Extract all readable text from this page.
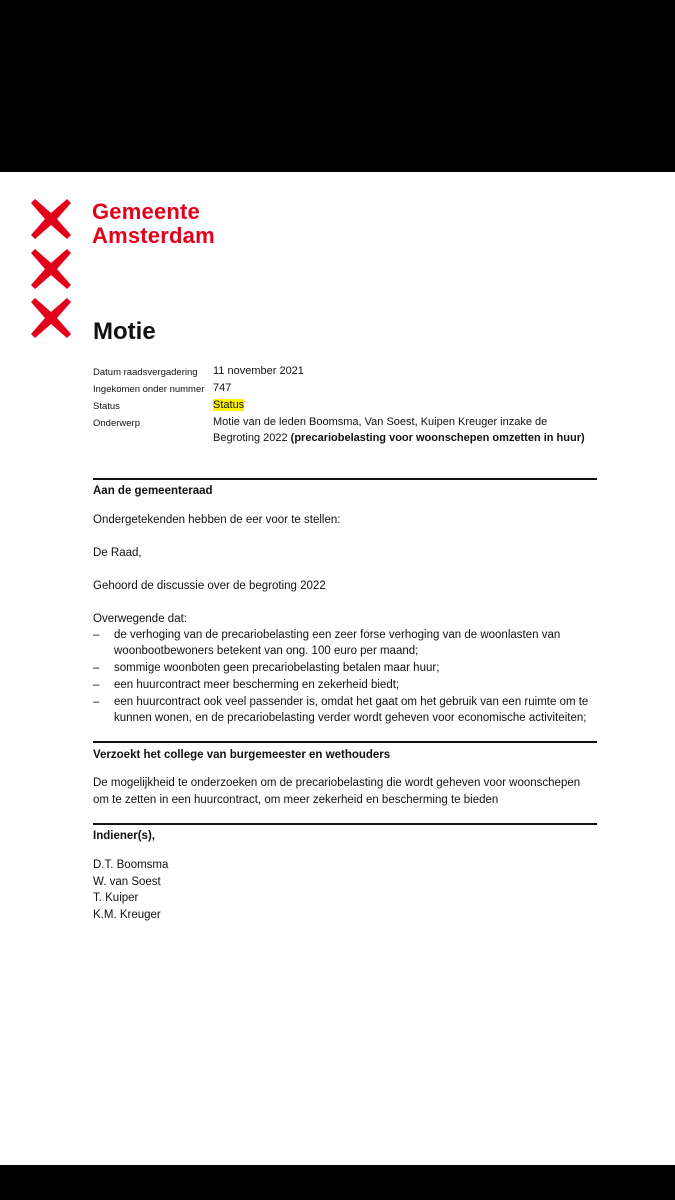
Gemeente
Amsterdam
Motie
Datum raadsvergadering 11 november 2021
Ingekomen onder nummer 747
Status	Status
Onderwerp	Motie van de leden Boomsma, Van Soest, Kuipen Kreuger inzake de
Begroting 2022 (precariobelasting voor woonschepen omzetten in huur)
Aan de gemeenteraad
Ondergetekenden hebben de eer voor te stellen:
De Raad,
Gehoord de discussie over de begroting 2022
Overwegende dat:
– de verhoging van de precariobelasting een zeer forse verhoging van de woonlasten van
woonbootbewoners betekent van ong. 100 euro per maand;
– sommige woonboten geen precariobelasting betalen maar huur;
– een huurcontract meer bescherming en zekerheid biedt;
– een huurcontract ook veel passender is, omdat het gaat om het gebruik van een ruimte om te
kunnen wonen, en de precariobelasting verder wordt geheven voor economische activiteiten;
Verzoekt het college van burgemeester en wethouders
De mogelijkheid te onderzoeken om de precariobelasting die wordt geheven voor woonschepen
om te zetten in een huurcontract, om meer zekerheid en bescherming te bieden
Indiener(s),
D.T. Boomsma
W. van Soest
T. Kuiper
K.M. Kreuger
